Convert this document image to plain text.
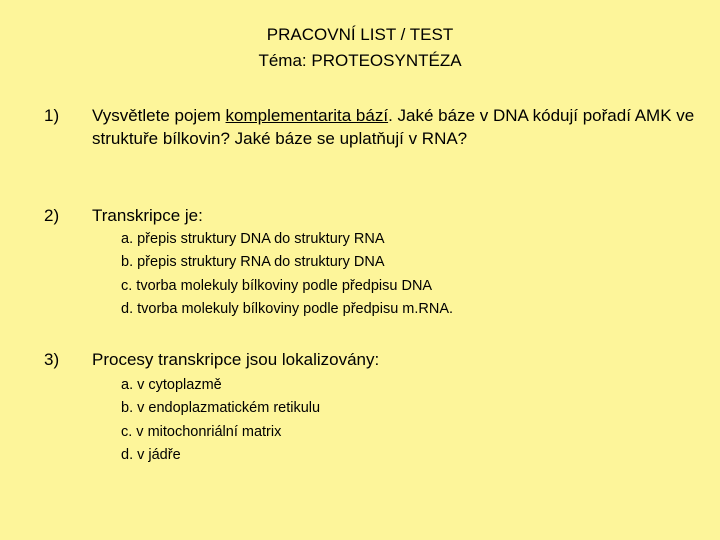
PRACOVNÍ LIST / TEST
Téma: PROTEOSYNTÉZA
1) Vysvětlete pojem komplementarita bází. Jaké báze v DNA kódují pořadí AMK ve struktuře bílkovin? Jaké báze se uplatňují v RNA?
2) Transkripce je:
a. přepis struktury DNA do struktury RNA
b. přepis struktury RNA do struktury DNA
c. tvorba molekuly bílkoviny podle předpisu DNA
d. tvorba molekuly bílkoviny podle předpisu m.RNA.
3) Procesy transkripce jsou lokalizovány:
a. v cytoplazmě
b. v endoplazmatickém retikulu
c. v mitochonriální matrix
d. v jádře
